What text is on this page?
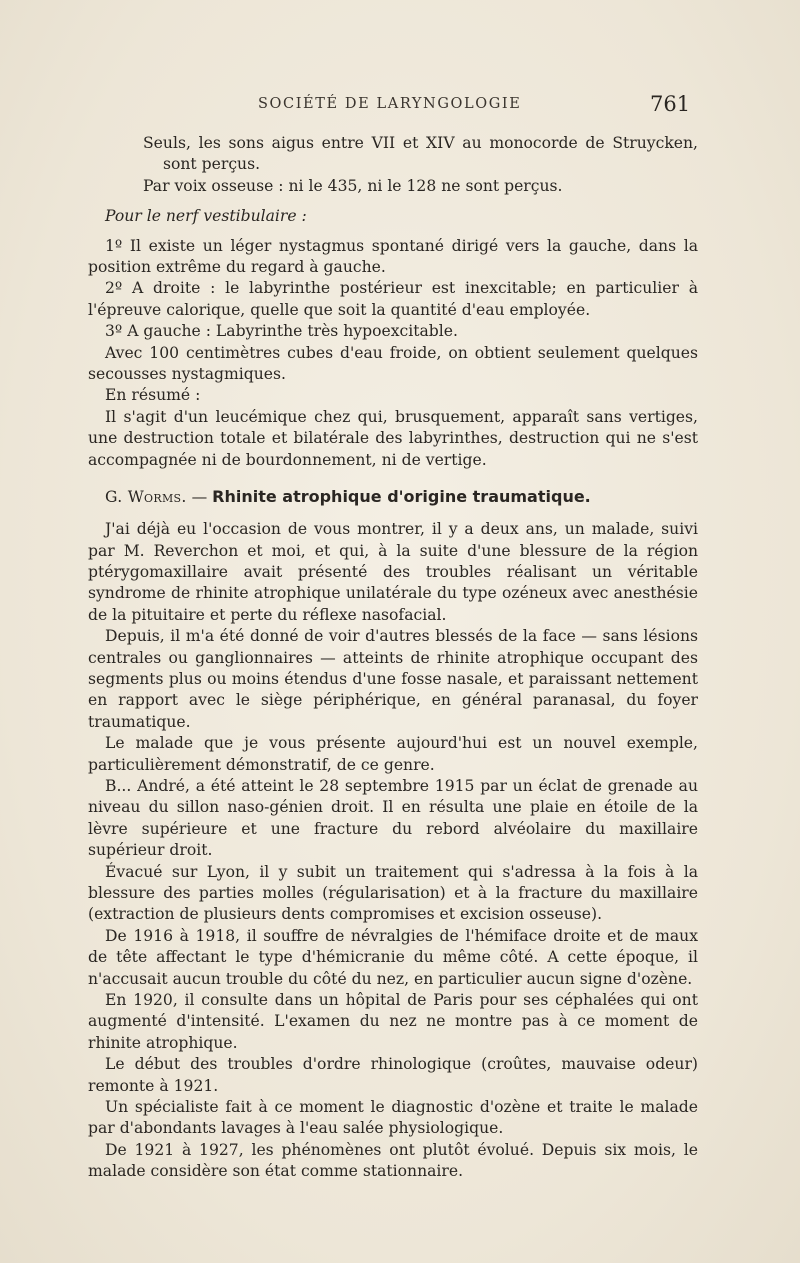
SOCIÉTÉ DE LARYNGOLOGIE	761

Seuls, les sons aigus entre VII et XIV au monocorde de Struycken, sont perçus.

Par voix osseuse : ni le 435, ni le 128 ne sont perçus.

Pour le nerf vestibulaire :

1º Il existe un léger nystagmus spontané dirigé vers la gauche, dans la position extrême du regard à gauche.

2º A droite : le labyrinthe postérieur est inexcitable; en particulier à l'épreuve calorique, quelle que soit la quantité d'eau employée.

3º A gauche : Labyrinthe très hypoexcitable.

Avec 100 centimètres cubes d'eau froide, on obtient seulement quelques secousses nystagmiques.

En résumé :

Il s'agit d'un leucémique chez qui, brusquement, apparaît sans vertiges, une destruction totale et bilatérale des labyrinthes, destruction qui ne s'est accompagnée ni de bourdonnement, ni de vertige.

G. Worms. — Rhinite atrophique d'origine traumatique.

J'ai déjà eu l'occasion de vous montrer, il y a deux ans, un malade, suivi par M. Reverchon et moi, et qui, à la suite d'une blessure de la région ptérygomaxillaire avait présenté des troubles réalisant un véritable syndrome de rhinite atrophique unilatérale du type ozéneux avec anesthésie de la pituitaire et perte du réflexe nasofacial.

Depuis, il m'a été donné de voir d'autres blessés de la face — sans lésions centrales ou ganglionnaires — atteints de rhinite atrophique occupant des segments plus ou moins étendus d'une fosse nasale, et paraissant nettement en rapport avec le siège périphérique, en général paranasal, du foyer traumatique.

Le malade que je vous présente aujourd'hui est un nouvel exemple, particulièrement démonstratif, de ce genre.

B... André, a été atteint le 28 septembre 1915 par un éclat de grenade au niveau du sillon naso-génien droit. Il en résulta une plaie en étoile de la lèvre supérieure et une fracture du rebord alvéolaire du maxillaire supérieur droit.

Évacué sur Lyon, il y subit un traitement qui s'adressa à la fois à la blessure des parties molles (régularisation) et à la fracture du maxillaire (extraction de plusieurs dents compromises et excision osseuse).

De 1916 à 1918, il souffre de névralgies de l'hémiface droite et de maux de tête affectant le type d'hémicranie du même côté. A cette époque, il n'accusait aucun trouble du côté du nez, en particulier aucun signe d'ozène.

En 1920, il consulte dans un hôpital de Paris pour ses céphalées qui ont augmenté d'intensité. L'examen du nez ne montre pas à ce moment de rhinite atrophique.

Le début des troubles d'ordre rhinologique (croûtes, mauvaise odeur) remonte à 1921.

Un spécialiste fait à ce moment le diagnostic d'ozène et traite le malade par d'abondants lavages à l'eau salée physiologique.

De 1921 à 1927, les phénomènes ont plutôt évolué. Depuis six mois, le malade considère son état comme stationnaire.
